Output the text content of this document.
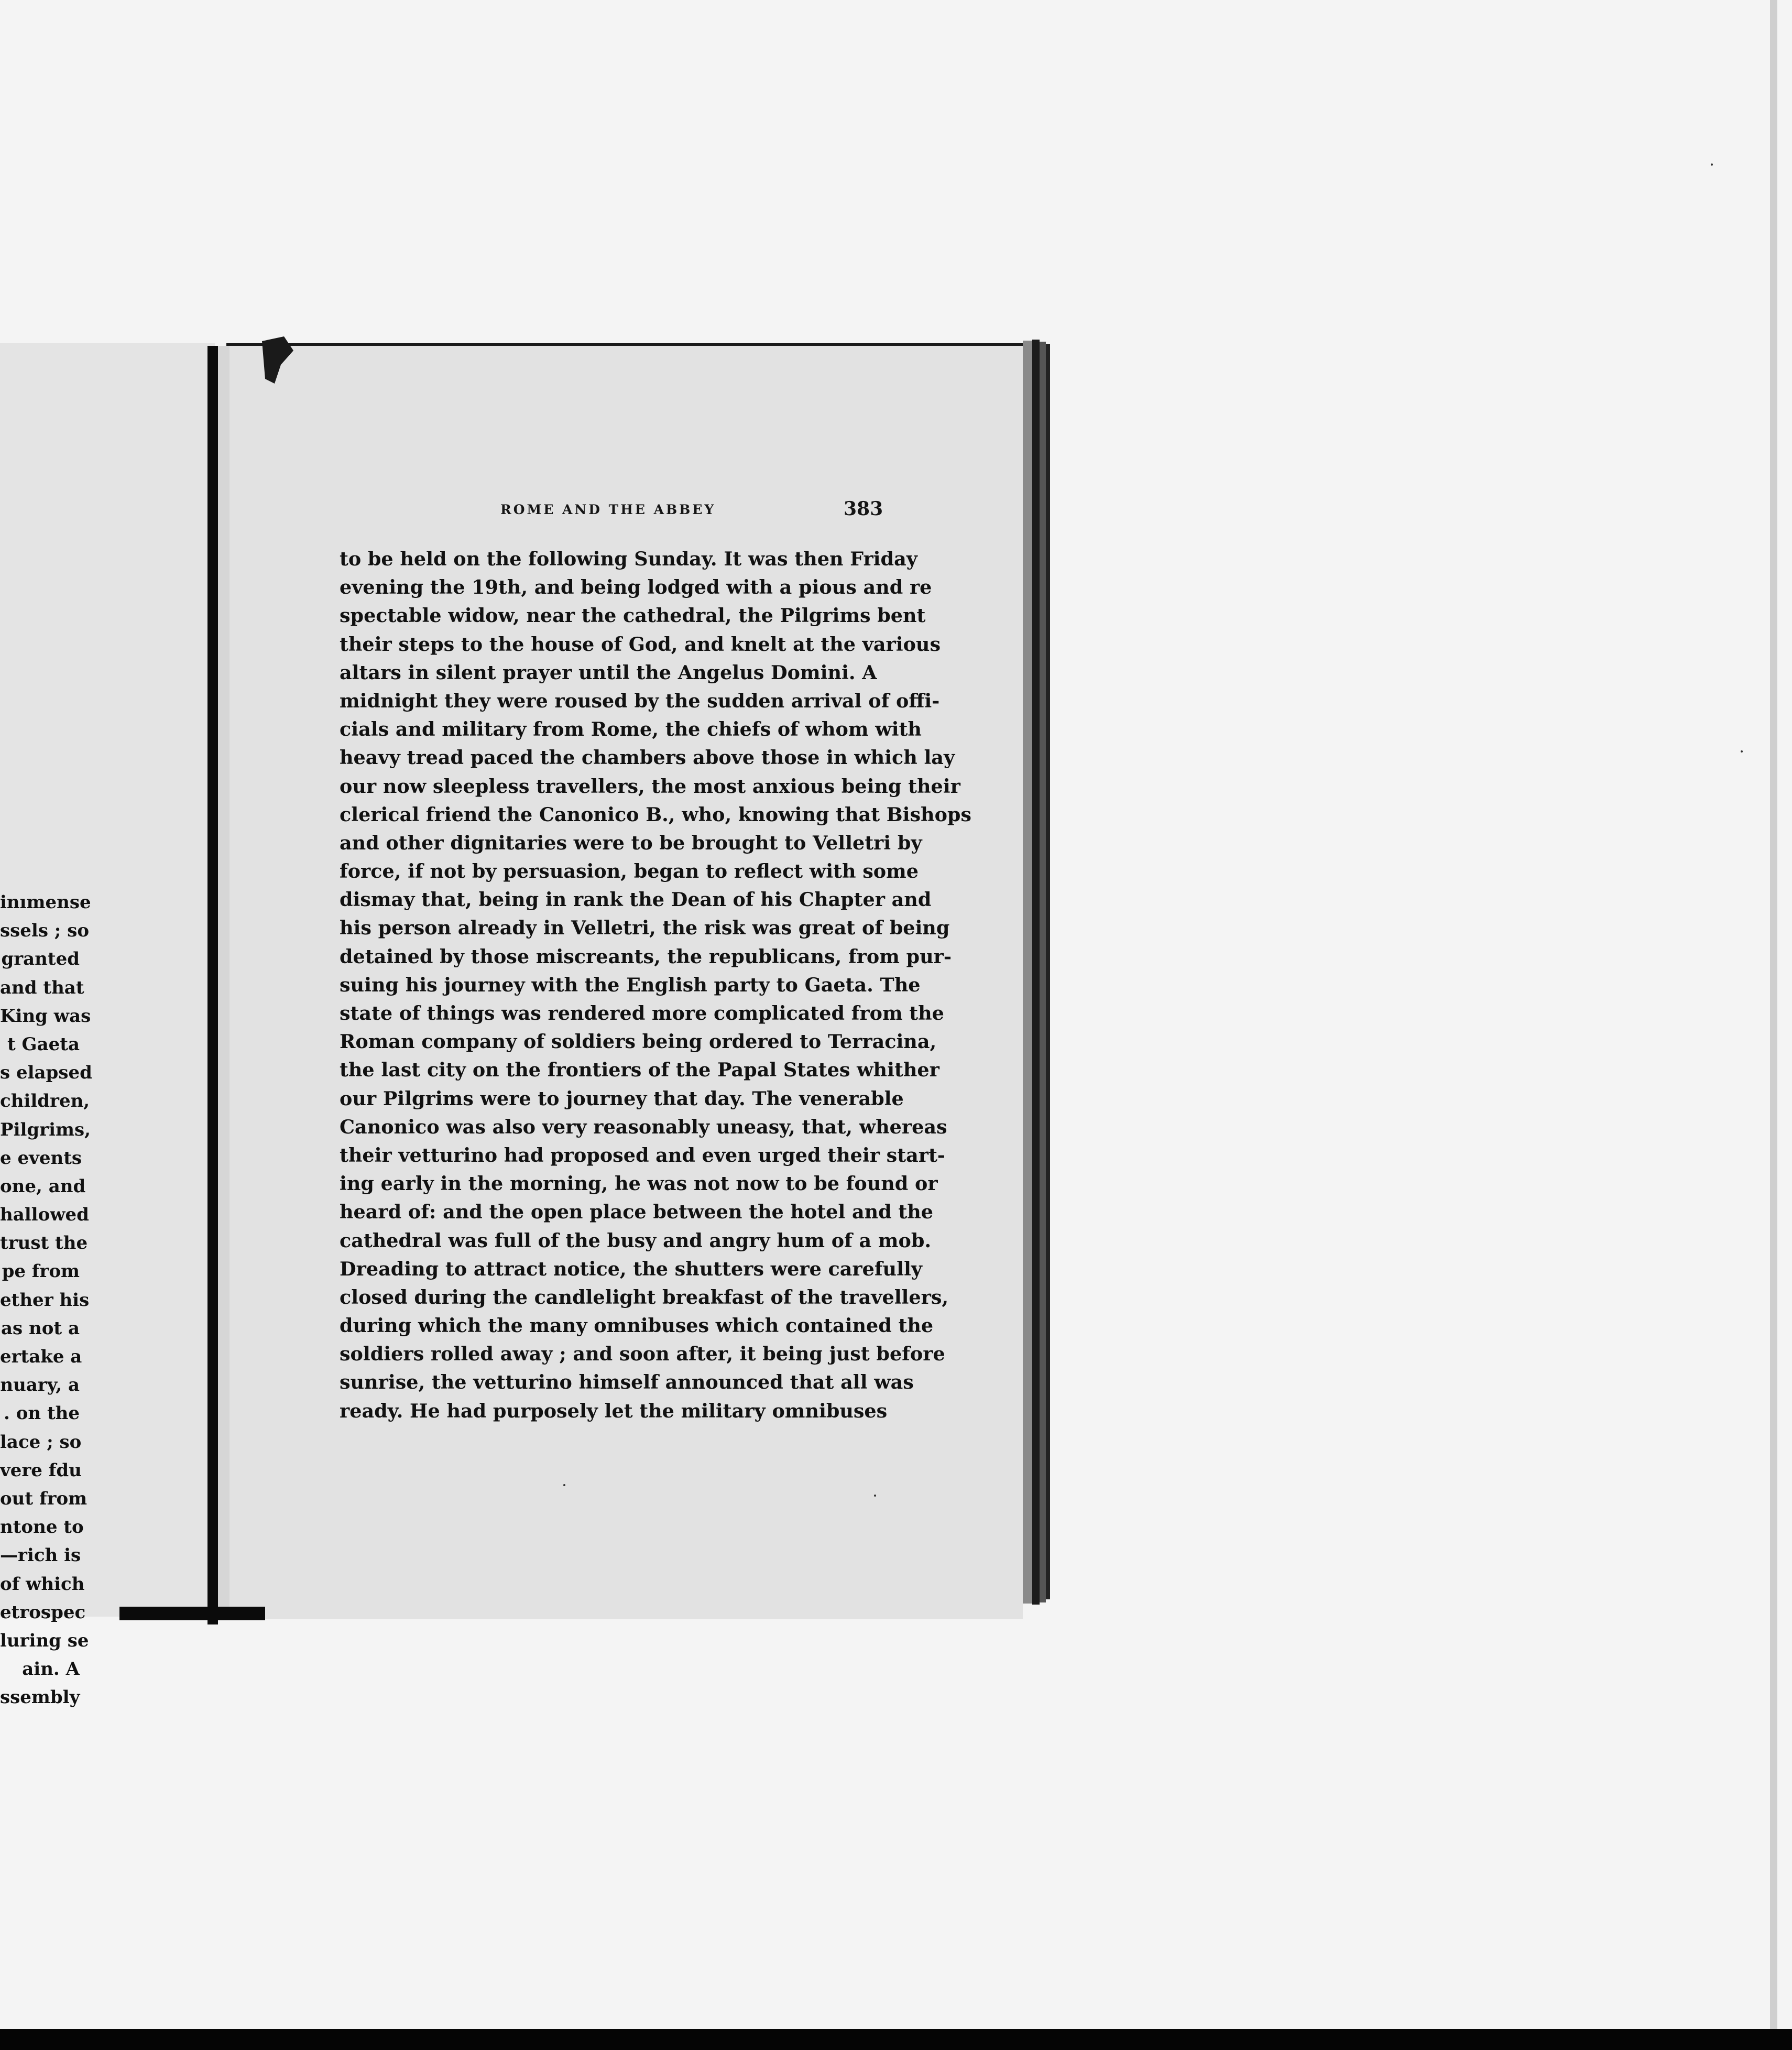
inımense
ssels ; so
granted
and that
King was
t Gaeta
s elapsed
children,
Pilgrims,
e events
one, and
hallowed
trust the
pe from
ether his
as not a
ertake a
nuary, a
. on the
lace ; so
vere fdu
out from
ntone to
—rich is
of which
etrospec
luring se
ain. A
ssembly
ROME AND THE ABBEY	383
to be held on the following Sunday. It was then Friday
evening the 19th, and being lodged with a pious and re
spectable widow, near the cathedral, the Pilgrims bent
their steps to the house of God, and knelt at the various
altars in silent prayer until the Angelus Domini. A
midnight they were roused by the sudden arrival of offi-
cials and military from Rome, the chiefs of whom with
heavy tread paced the chambers above those in which lay
our now sleepless travellers, the most anxious being their
clerical friend the Canonico B., who, knowing that Bishops
and other dignitaries were to be brought to Velletri by
force, if not by persuasion, began to reflect with some
dismay that, being in rank the Dean of his Chapter and
his person already in Velletri, the risk was great of being
detained by those miscreants, the republicans, from pur-
suing his journey with the English party to Gaeta. The
state of things was rendered more complicated from the
Roman company of soldiers being ordered to Terracina,
the last city on the frontiers of the Papal States whither
our Pilgrims were to journey that day. The venerable
Canonico was also very reasonably uneasy, that, whereas
their vetturino had proposed and even urged their start-
ing early in the morning, he was not now to be found or
heard of: and the open place between the hotel and the
cathedral was full of the busy and angry hum of a mob.
Dreading to attract notice, the shutters were carefully
closed during the candlelight breakfast of the travellers,
during which the many omnibuses which contained the
soldiers rolled away ; and soon after, it being just before
sunrise, the vetturino himself announced that all was
ready. He had purposely let the military omnibuses
